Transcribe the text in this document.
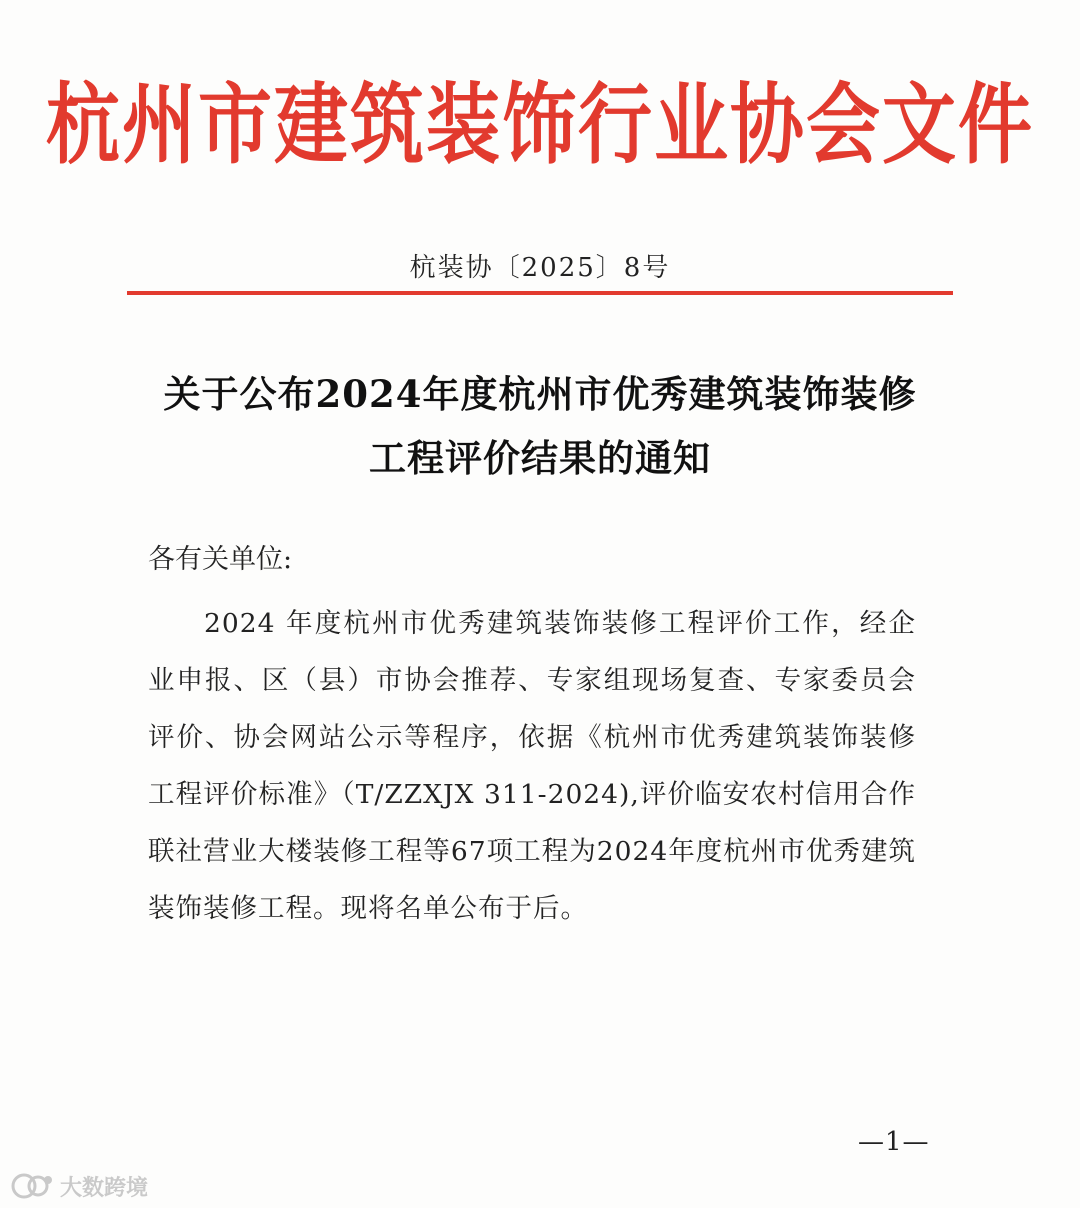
杭州市建筑装饰行业协会文件
杭装协〔2025〕8号
关于公布2024年度杭州市优秀建筑装饰装修
工程评价结果的通知
各有关单位:
2024 年度杭州市优秀建筑装饰装修工程评价工作，经企业申报、区（县）市协会推荐、专家组现场复查、专家委员会评价、协会网站公示等程序，依据《杭州市优秀建筑装饰装修工程评价标准》（T/ZZXJX 311-2024),评价临安农村信用合作联社营业大楼装修工程等67项工程为2024年度杭州市优秀建筑装饰装修工程。现将名单公布于后。
—1—
大数跨境
